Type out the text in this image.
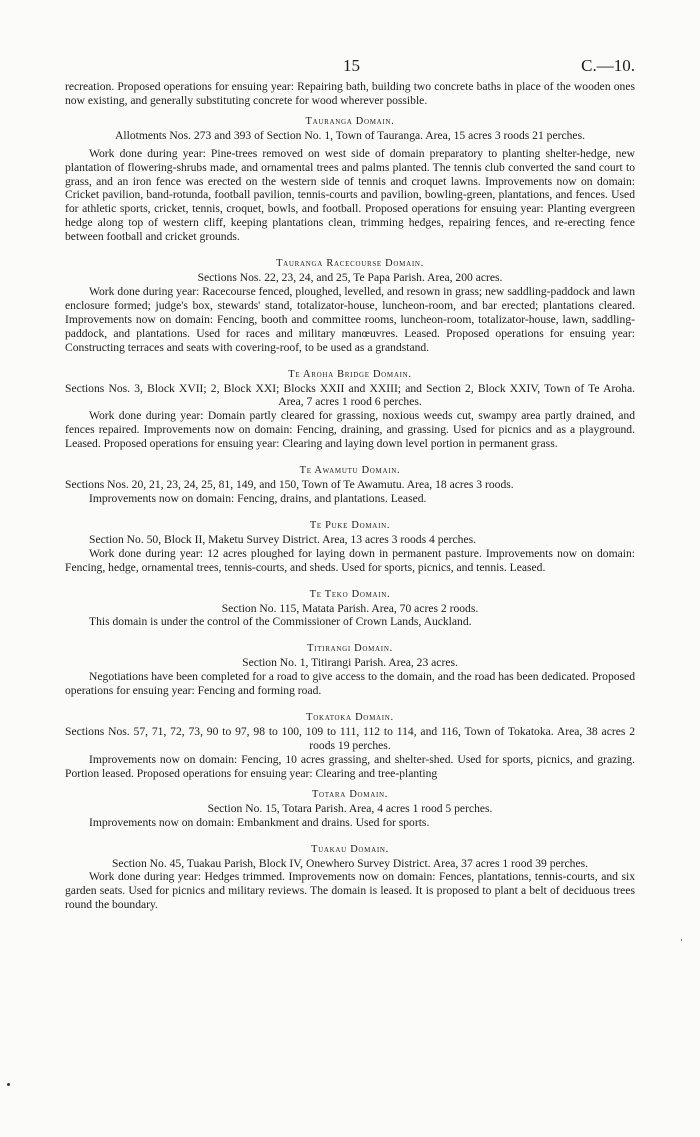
15	C.—10.

recreation. Proposed operations for ensuing year: Repairing bath, building two concrete baths in place of the wooden ones now existing, and generally substituting concrete for wood wherever possible.

Tauranga Domain.

Allotments Nos. 273 and 393 of Section No. 1, Town of Tauranga. Area, 15 acres 3 roods 21 perches.

Work done during year: Pine-trees removed on west side of domain preparatory to planting shelter-hedge, new plantation of flowering-shrubs made, and ornamental trees and palms planted. The tennis club converted the sand court to grass, and an iron fence was erected on the western side of tennis and croquet lawns. Improvements now on domain: Cricket pavilion, band-rotunda, football pavilion, tennis-courts and pavilion, bowling-green, plantations, and fences. Used for athletic sports, cricket, tennis, croquet, bowls, and football. Proposed operations for ensuing year: Planting evergreen hedge along top of western cliff, keeping plantations clean, trimming hedges, repairing fences, and re-erecting fence between football and cricket grounds.

Tauranga Racecourse Domain.

Sections Nos. 22, 23, 24, and 25, Te Papa Parish. Area, 200 acres.

Work done during year: Racecourse fenced, ploughed, levelled, and resown in grass; new saddling-paddock and lawn enclosure formed; judge's box, stewards' stand, totalizator-house, luncheon-room, and bar erected; plantations cleared. Improvements now on domain: Fencing, booth and committee rooms, luncheon-room, totalizator-house, lawn, saddling-paddock, and plantations. Used for races and military manœuvres. Leased. Proposed operations for ensuing year: Constructing terraces and seats with covering-roof, to be used as a grandstand.

Te Aroha Bridge Domain.

Sections Nos. 3, Block XVII; 2, Block XXI; Blocks XXII and XXIII; and Section 2, Block XXIV, Town of Te Aroha. Area, 7 acres 1 rood 6 perches.

Work done during year: Domain partly cleared for grassing, noxious weeds cut, swampy area partly drained, and fences repaired. Improvements now on domain: Fencing, draining, and grassing. Used for picnics and as a playground. Leased. Proposed operations for ensuing year: Clearing and laying down level portion in permanent grass.

Te Awamutu Domain.

Sections Nos. 20, 21, 23, 24, 25, 81, 149, and 150, Town of Te Awamutu. Area, 18 acres 3 roods.

Improvements now on domain: Fencing, drains, and plantations. Leased.

Te Puke Domain.

Section No. 50, Block II, Maketu Survey District. Area, 13 acres 3 roods 4 perches.

Work done during year: 12 acres ploughed for laying down in permanent pasture. Improvements now on domain: Fencing, hedge, ornamental trees, tennis-courts, and sheds. Used for sports, picnics, and tennis. Leased.

Te Teko Domain.

Section No. 115, Matata Parish. Area, 70 acres 2 roods.

This domain is under the control of the Commissioner of Crown Lands, Auckland.

Titirangi Domain.

Section No. 1, Titirangi Parish. Area, 23 acres.

Negotiations have been completed for a road to give access to the domain, and the road has been dedicated. Proposed operations for ensuing year: Fencing and forming road.

Tokatoka Domain.

Sections Nos. 57, 71, 72, 73, 90 to 97, 98 to 100, 109 to 111, 112 to 114, and 116, Town of Tokatoka. Area, 38 acres 2 roods 19 perches.

Improvements now on domain: Fencing, 10 acres grassing, and shelter-shed. Used for sports, picnics, and grazing. Portion leased. Proposed operations for ensuing year: Clearing and tree-planting

Totara Domain.

Section No. 15, Totara Parish. Area, 4 acres 1 rood 5 perches.

Improvements now on domain: Embankment and drains. Used for sports.

Tuakau Domain.

Section No. 45, Tuakau Parish, Block IV, Onewhero Survey District. Area, 37 acres 1 rood 39 perches.

Work done during year: Hedges trimmed. Improvements now on domain: Fences, plantations, tennis-courts, and six garden seats. Used for picnics and military reviews. The domain is leased. It is proposed to plant a belt of deciduous trees round the boundary.
